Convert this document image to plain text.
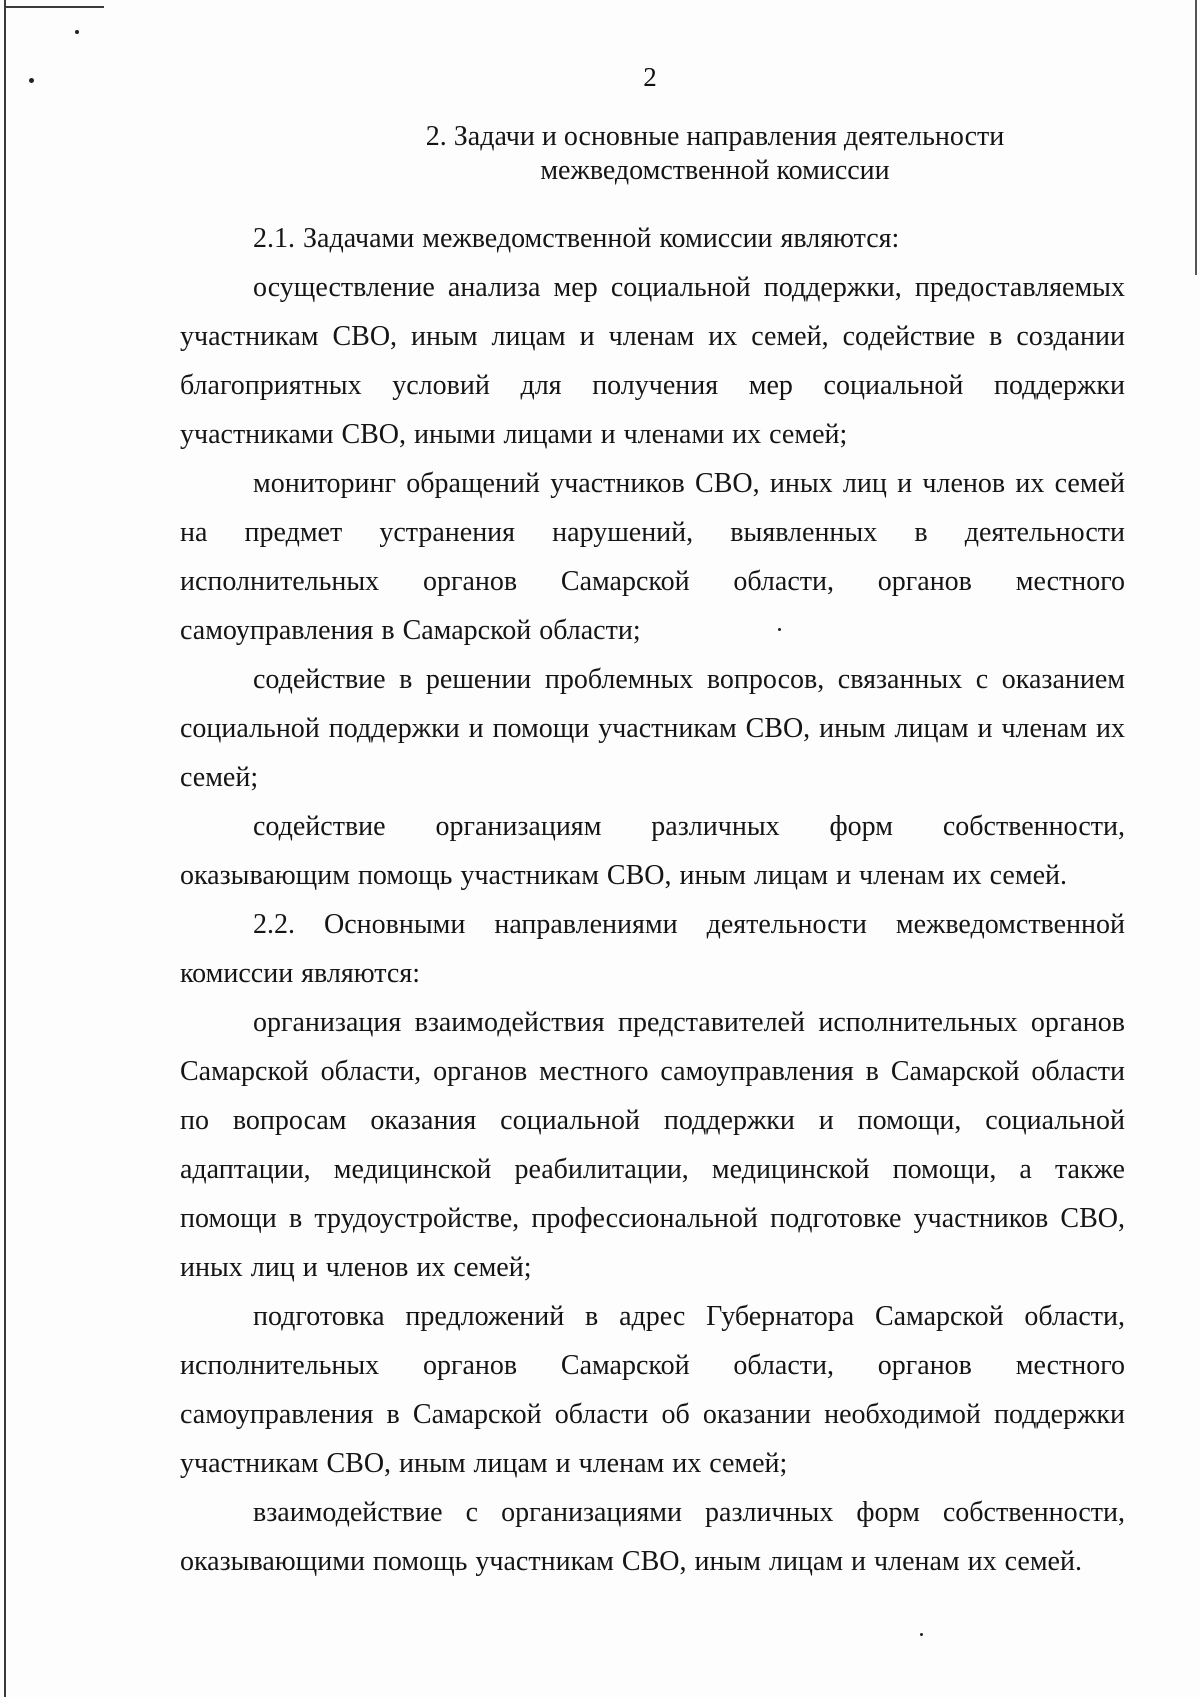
2
2. Задачи и основные направления деятельности
межведомственной комиссии

2.1. Задачами межведомственной комиссии являются:

осуществление анализа мер социальной поддержки, предоставляемых участникам СВО, иным лицам и членам их семей, содействие в создании благоприятных условий для получения мер социальной поддержки участниками СВО, иными лицами и членами их семей;

мониторинг обращений участников СВО, иных лиц и членов их семей на предмет устранения нарушений, выявленных в деятельности исполнительных органов Самарской области, органов местного самоуправления в Самарской области;

содействие в решении проблемных вопросов, связанных с оказанием социальной поддержки и помощи участникам СВО, иным лицам и членам их семей;

содействие организациям различных форм собственности, оказывающим помощь участникам СВО, иным лицам и членам их семей.

2.2. Основными направлениями деятельности межведомственной комиссии являются:

организация взаимодействия представителей исполнительных органов Самарской области, органов местного самоуправления в Самарской области по вопросам оказания социальной поддержки и помощи, социальной адаптации, медицинской реабилитации, медицинской помощи, а также помощи в трудоустройстве, профессиональной подготовке участников СВО, иных лиц и членов их семей;

подготовка предложений в адрес Губернатора Самарской области, исполнительных органов Самарской области, органов местного самоуправления в Самарской области об оказании необходимой поддержки участникам СВО, иным лицам и членам их семей;

взаимодействие с организациями различных форм собственности, оказывающими помощь участникам СВО, иным лицам и членам их семей.
